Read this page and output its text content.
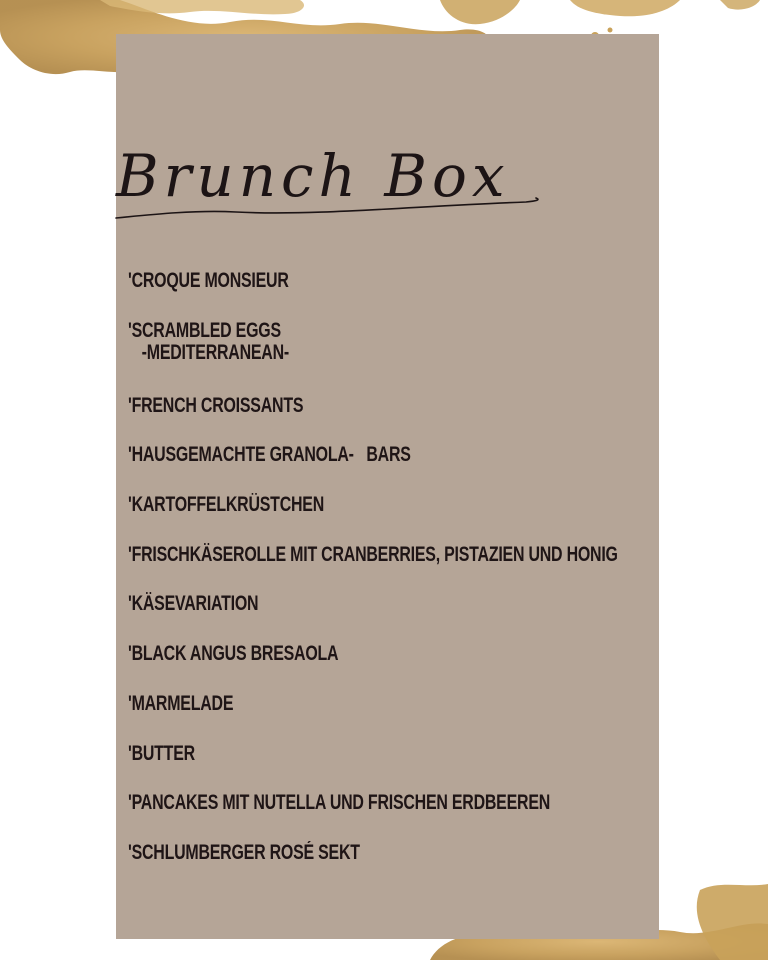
Brunch Box
'CROQUE MONSIEUR
'SCRAMBLED EGGS
-MEDITERRANEAN-
'FRENCH CROISSANTS
'HAUSGEMACHTE GRANOLA-   BARS
'KARTOFFELKRÜSTCHEN
'FRISCHKÄSEROLLE MIT CRANBERRIES, PISTAZIEN UND HONIG
'KÄSEVARIATION
'BLACK ANGUS BRESAOLA
'MARMELADE
'BUTTER
'PANCAKES MIT NUTELLA UND FRISCHEN ERDBEEREN
'SCHLUMBERGER ROSÉ SEKT
